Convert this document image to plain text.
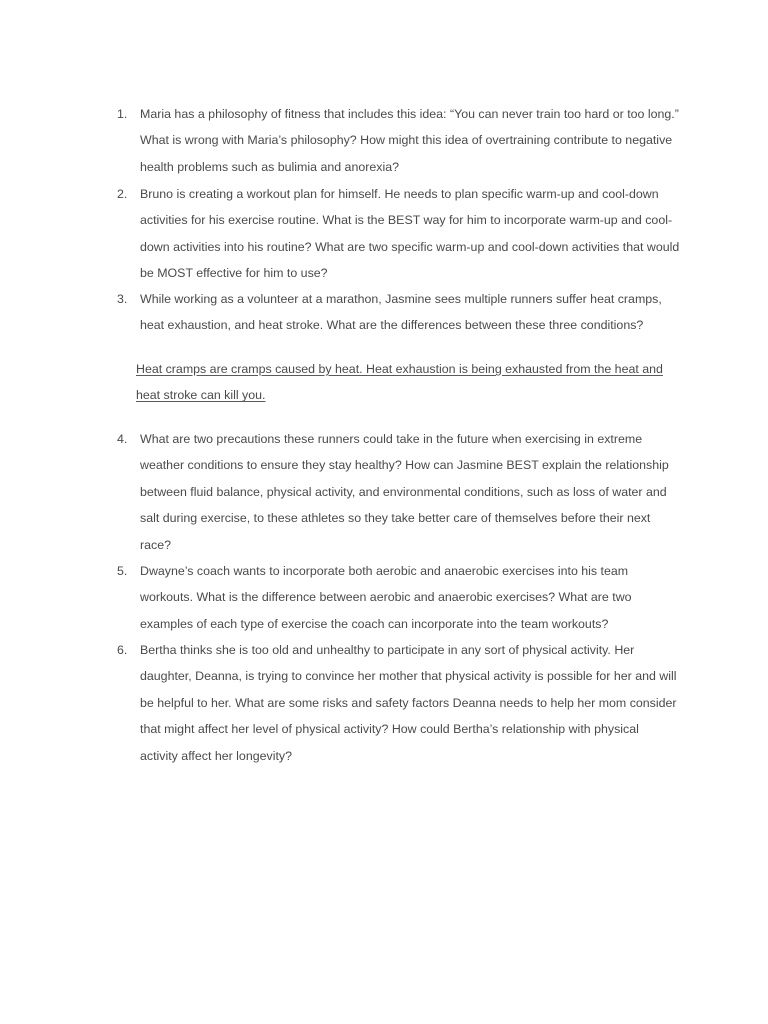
1. Maria has a philosophy of fitness that includes this idea: “You can never train too hard or too long.” What is wrong with Maria’s philosophy? How might this idea of overtraining contribute to negative health problems such as bulimia and anorexia?

2. Bruno is creating a workout plan for himself. He needs to plan specific warm-up and cool-down activities for his exercise routine. What is the BEST way for him to incorporate warm-up and cool-down activities into his routine? What are two specific warm-up and cool-down activities that would be MOST effective for him to use?

3. While working as a volunteer at a marathon, Jasmine sees multiple runners suffer heat cramps, heat exhaustion, and heat stroke. What are the differences between these three conditions?

4. What are two precautions these runners could take in the future when exercising in extreme weather conditions to ensure they stay healthy? How can Jasmine BEST explain the relationship between fluid balance, physical activity, and environmental conditions, such as loss of water and salt during exercise, to these athletes so they take better care of themselves before their next race?

5. Dwayne’s coach wants to incorporate both aerobic and anaerobic exercises into his team workouts. What is the difference between aerobic and anaerobic exercises? What are two examples of each type of exercise the coach can incorporate into the team workouts?

6. Bertha thinks she is too old and unhealthy to participate in any sort of physical activity. Her daughter, Deanna, is trying to convince her mother that physical activity is possible for her and will be helpful to her. What are some risks and safety factors Deanna needs to help her mom consider that might affect her level of physical activity? How could Bertha’s relationship with physical activity affect her longevity?

Heat cramps are cramps caused by heat. Heat exhaustion is being exhausted from the heat and heat stroke can kill you.
